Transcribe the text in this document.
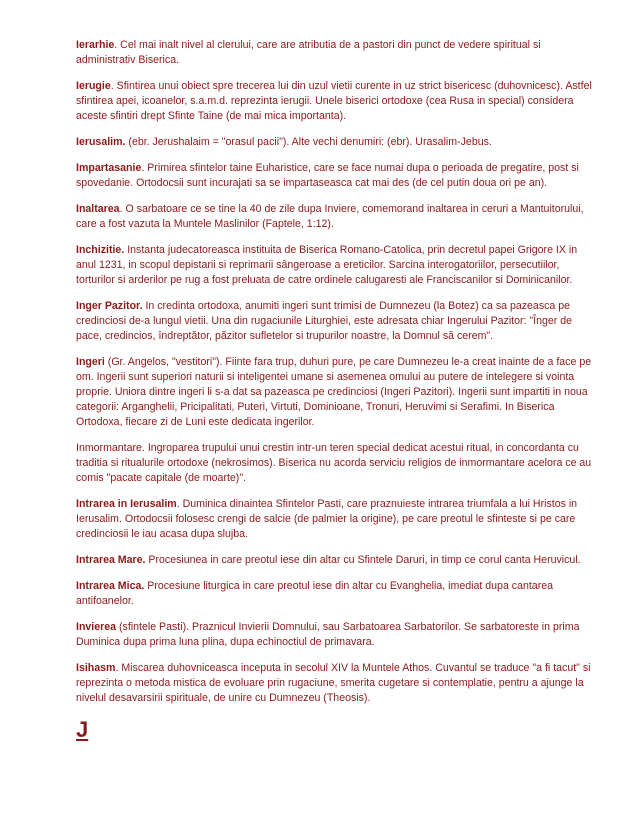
Ierarhie. Cel mai inalt nivel al clerului, care are atributia de a pastori din punct de vedere spiritual si administrativ Biserica.

Ierugie. Sfintirea unui obiect spre trecerea lui din uzul vietii curente in uz strict bisericesc (duhovnicesc). Astfel sfintirea apei, icoanelor, s.a.m.d. reprezinta ierugii. Unele biserici ortodoxe (cea Rusa in special) considera aceste sfintiri drept Sfinte Taine (de mai mica importanta).

Ierusalim. (ebr. Jerushalaim = "orasul pacii"). Alte vechi denumiri: (ebr). Urasalim-Jebus.

Impartasanie. Primirea sfintelor taine Euharistice, care se face numai dupa o perioada de pregatire, post si spovedanie. Ortodocsii sunt incurajati sa se impartaseasca cat mai des (de cel putin doua ori pe an).

Inaltarea. O sarbatoare ce se tine la 40 de zile dupa Inviere, comemorand inaltarea in ceruri a Mantuitorului, care a fost vazuta la Muntele Maslinilor (Faptele, 1:12).

Inchizitie. Instanta judecatoreasca instituita de Biserica Romano-Catolica, prin decretul papei Grigore IX in anul 1231, in scopul depistarii si reprimarii sângeroase a ereticilor. Sarcina interogatoriilor, persecutiilor, torturilor si arderilor pe rug a fost preluata de catre ordinele calugaresti ale Franciscanilor si Dominicanilor.

Inger Pazitor. In credinta ortodoxa, anumiti ingeri sunt trimisi de Dumnezeu (la Botez) ca sa pazeasca pe credinciosi de-a lungul vietii. Una din rugaciunile Liturghiei, este adresata chiar Ingerului Pazitor: "Înger de pace, credincios, îndreptător, păzitor sufletelor si trupurilor noastre, la Domnul să cerem".

Ingeri (Gr. Angelos, "vestitori"). Fiinte fara trup, duhuri pure, pe care Dumnezeu le-a creat inainte de a face pe om. Ingerii sunt superiori naturii si inteligentei umane si asemenea omului au putere de intelegere si vointa proprie. Uniora dintre ingeri li s-a dat sa pazeasca pe credinciosi (Ingeri Pazitori). Ingerii sunt impartiti in noua categorii: Arganghelii, Pricipalitati, Puteri, Virtuti, Dominioane, Tronuri, Heruvimi si Serafimi. In Biserica Ortodoxa, fiecare zi de Luni este dedicata ingerilor.

Inmormantare. Ingroparea trupului unui crestin intr-un teren special dedicat acestui ritual, in concordanta cu traditia si ritualurile ortodoxe (nekrosimos). Biserica nu acorda serviciu religios de inmormantare acelora ce au comis "pacate capitale (de moarte)".

Intrarea in Ierusalim. Duminica dinaintea Sfintelor Pasti, care praznuieste intrarea triumfala a lui Hristos in Ierusalim. Ortodocsii folosesc crengi de salcie (de palmier la origine), pe care preotul le sfinteste si pe care credinciosii le iau acasa dupa slujba.

Intrarea Mare. Procesiunea in care preotul iese din altar cu Sfintele Daruri, in timp ce corul canta Heruvicul.

Intrarea Mica. Procesiune liturgica in care preotul iese din altar cu Evanghelia, imediat dupa cantarea antifoanelor.

Invierea (sfintele Pasti). Praznicul Invierii Domnului, sau Sarbatoarea Sarbatorilor. Se sarbatoreste in prima Duminica dupa prima luna plina, dupa echinoctiul de primavara.

Isihasm. Miscarea duhovniceasca inceputa in secolul XIV la Muntele Athos. Cuvantul se traduce "a fi tacut" si reprezinta o metoda mistica de evoluare prin rugaciune, smerita cugetare si contemplatie, pentru a ajunge la nivelul desavarsirii spirituale, de unire cu Dumnezeu (Theosis).

J
